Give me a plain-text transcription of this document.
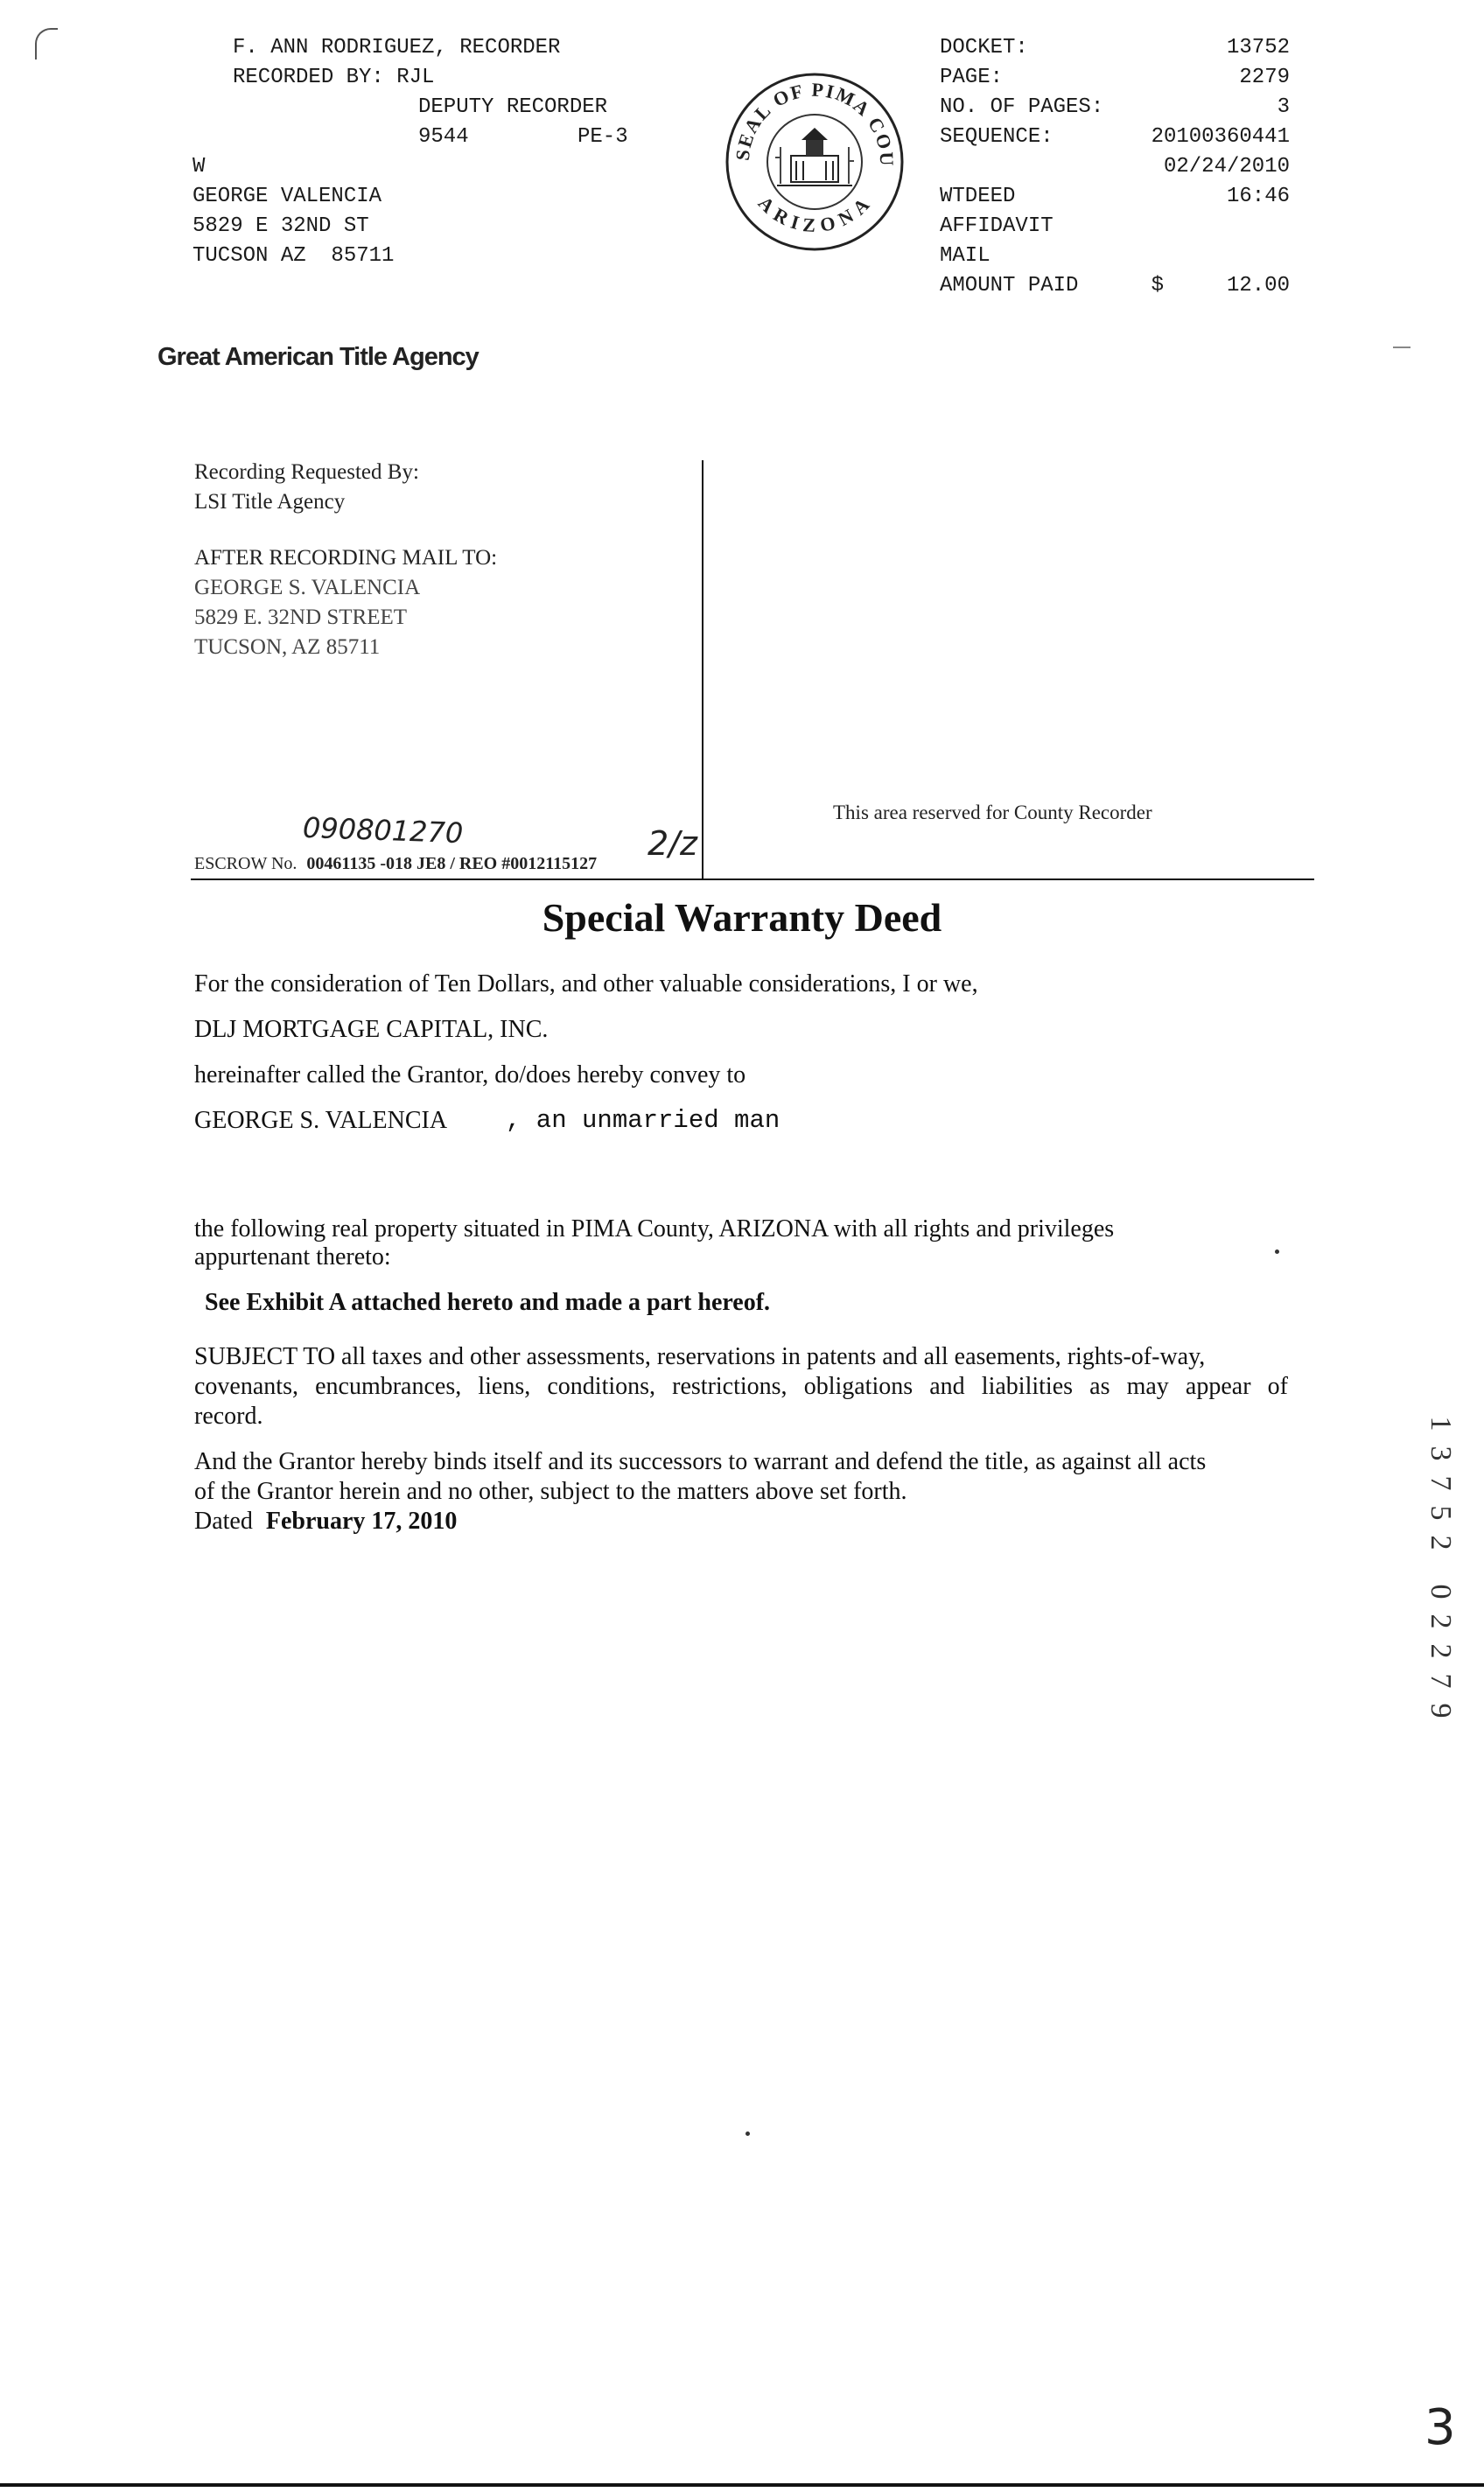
F. ANN RODRIGUEZ, RECORDER
RECORDED BY: RJL
DEPUTY RECORDER
9544	PE-3
W
GEORGE VALENCIA
5829 E 32ND ST
TUCSON AZ  85711
SEAL OF PIMA COU
ARIZONA
DOCKET:	13752
PAGE:	2279
NO. OF PAGES:	3
SEQUENCE:	20100360441
02/24/2010
WTDEED	16:46
AFFIDAVIT
MAIL
AMOUNT PAID	$     12.00
Great American Title Agency
Recording Requested By:
LSI Title Agency
AFTER RECORDING MAIL TO:
GEORGE S. VALENCIA
5829 E. 32ND STREET
TUCSON, AZ 85711
090801270	2/z
ESCROW No. 00461135 -018 JE8 / REO #0012115127
This area reserved for County Recorder
Special Warranty Deed
For the consideration of Ten Dollars, and other valuable considerations, I or we,
DLJ MORTGAGE CAPITAL, INC.
hereinafter called the Grantor, do/does hereby convey to
GEORGE S. VALENCIA , an unmarried man
the following real property situated in PIMA County, ARIZONA with all rights and privileges
appurtenant thereto:
See Exhibit A attached hereto and made a part hereof.
SUBJECT TO all taxes and other assessments, reservations in patents and all easements, rights-of-way,
covenants, encumbrances, liens, conditions, restrictions, obligations and liabilities as may appear of
record.
And the Grantor hereby binds itself and its successors to warrant and defend the title, as against all acts
of the Grantor herein and no other, subject to the matters above set forth.
Dated February 17, 2010
1
3
7
5
2
0
2
2
7
9
3
